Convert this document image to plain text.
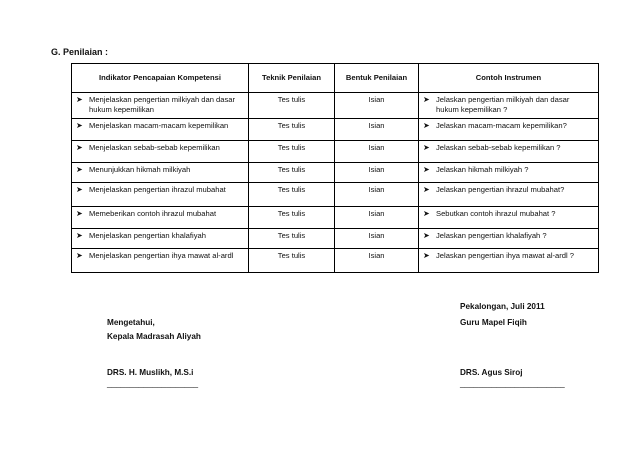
G. Penilaian :
Indikator Pencapaian Kompetensi	Teknik Penilaian	Bentuk Penilaian	Contoh Instrumen

➤ Menjelaskan pengertian milkiyah dan dasar hukum kepemilikan	Tes tulis	Isian	➤ Jelaskan pengertian milkiyah dan dasar hukum kepemilikan ?

➤ Menjelaskan macam-macam kepemilikan	Tes tulis	Isian	➤ Jelaskan macam-macam kepemilikan?

➤ Menjelaskan sebab-sebab kepemilikan	Tes tulis	Isian	➤ Jelaskan sebab-sebab kepemilikan ?

➤ Menunjukkan hikmah milkiyah	Tes tulis	Isian	➤ Jelaskan hikmah milkiyah ?

➤ Menjelaskan pengertian ihrazul mubahat	Tes tulis	Isian	➤ Jelaskan pengertian ihrazul mubahat?

➤ Memeberikan contoh ihrazul mubahat	Tes tulis	Isian	➤ Sebutkan contoh ihrazul mubahat ?

➤ Menjelaskan pengertian khalafiyah	Tes tulis	Isian	➤ Jelaskan pengertian khalafiyah ?

➤ Menjelaskan pengertian ihya mawat al-ardl	Tes tulis	Isian	➤ Jelaskan pengertian ihya mawat al-ardl ?
Pekalongan, Juli 2011
Guru Mapel Fiqih
Mengetahui,
Kepala Madrasah Aliyah
DRS. H. Muslikh, M.S.i
____________________
DRS. Agus Siroj
_______________________
